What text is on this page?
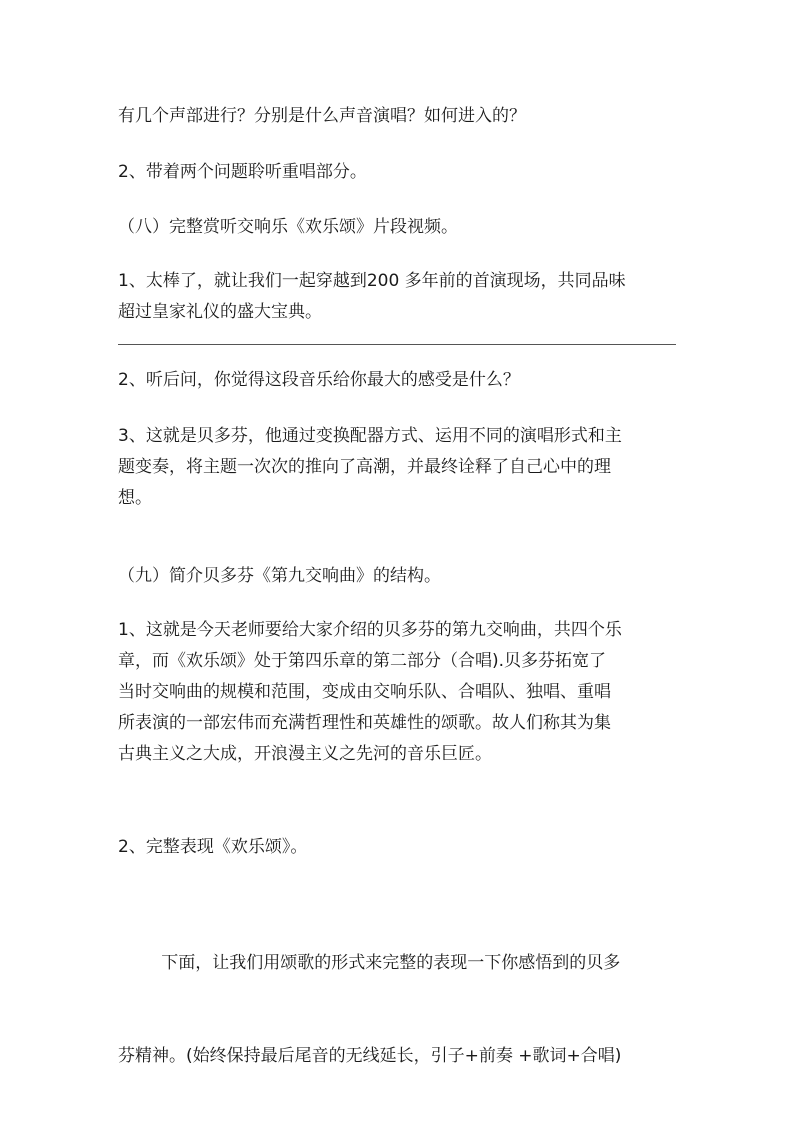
有几个声部进行？分别是什么声音演唱？如何进入的？

2、带着两个问题聆听重唱部分。

（八）完整赏听交响乐《欢乐颂》片段视频。

1、太棒了，就让我们一起穿越到200 多年前的首演现场，共同品味
超过皇家礼仪的盛大宝典。

2、听后问，你觉得这段音乐给你最大的感受是什么？

3、这就是贝多芬，他通过变换配器方式、运用不同的演唱形式和主
题变奏，将主题一次次的推向了高潮，并最终诠释了自己心中的理
想。

（九）简介贝多芬《第九交响曲》的结构。

1、这就是今天老师要给大家介绍的贝多芬的第九交响曲，共四个乐
章，而《欢乐颂》处于第四乐章的第二部分（合唱).贝多芬拓宽了
当时交响曲的规模和范围，变成由交响乐队、合唱队、独唱、重唱
所表演的一部宏伟而充满哲理性和英雄性的颂歌。故人们称其为集
古典主义之大成，开浪漫主义之先河的音乐巨匠。

2、完整表现《欢乐颂》。

下面，让我们用颂歌的形式来完整的表现一下你感悟到的贝多

芬精神。(始终保持最后尾音的无线延长，引子+前奏 +歌词+合唱)
